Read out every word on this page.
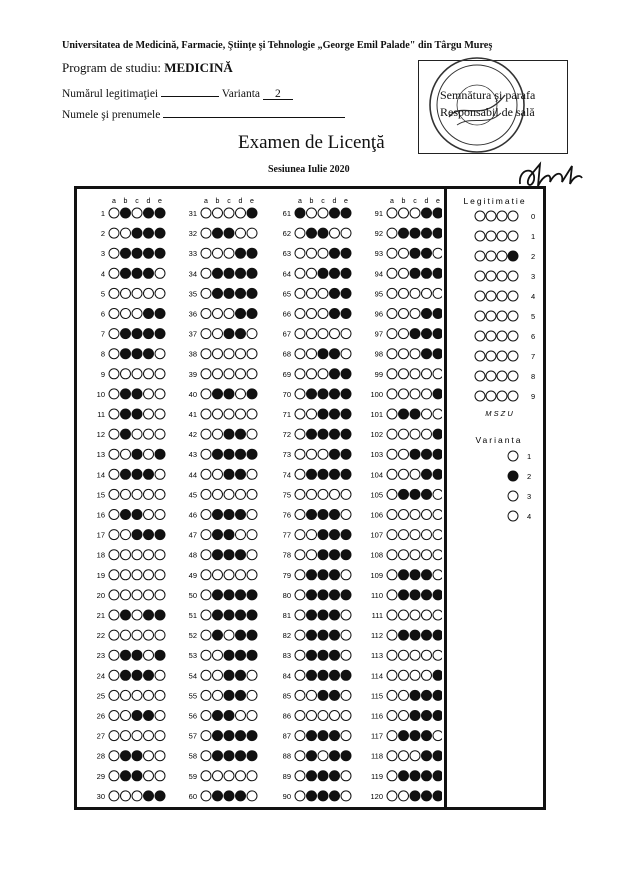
Universitatea de Medicină, Farmacie, Ştiinţe şi Tehnologie „George Emil Palade" din Târgu Mureş
Program de studiu: MEDICINĂ
Numărul legitimaţiei	Varianta 2
Numele şi prenumele
Semnătura şi parafa
Responsabil de sală
Examen de Licenţă
Sesiunea Iulie 2020
a b c d e
1
2
3
4
5
6
7
8
9
10
11
12
13
14
15
16
17
18
19
20
21
22
23
24
25
26
27
28
29
30
a b c d e
31
32
33
34
35
36
37
38
39
40
41
42
43
44
45
46
47
48
49
50
51
52
53
54
55
56
57
58
59
60
a b c d e
61
62
63
64
65
66
67
68
69
70
71
72
73
74
75
76
77
78
79
80
81
82
83
84
85
86
87
88
89
90
a b c d e
91
92
93
94
95
96
97
98
99
100
101
102
103
104
105
106
107
108
109
110
111
112
113
114
115
116
117
118
119
120
Legitimatie
0
1
2
3
4
5
6
7
8
9
M S Z U
Varianta
1
2
3
4
